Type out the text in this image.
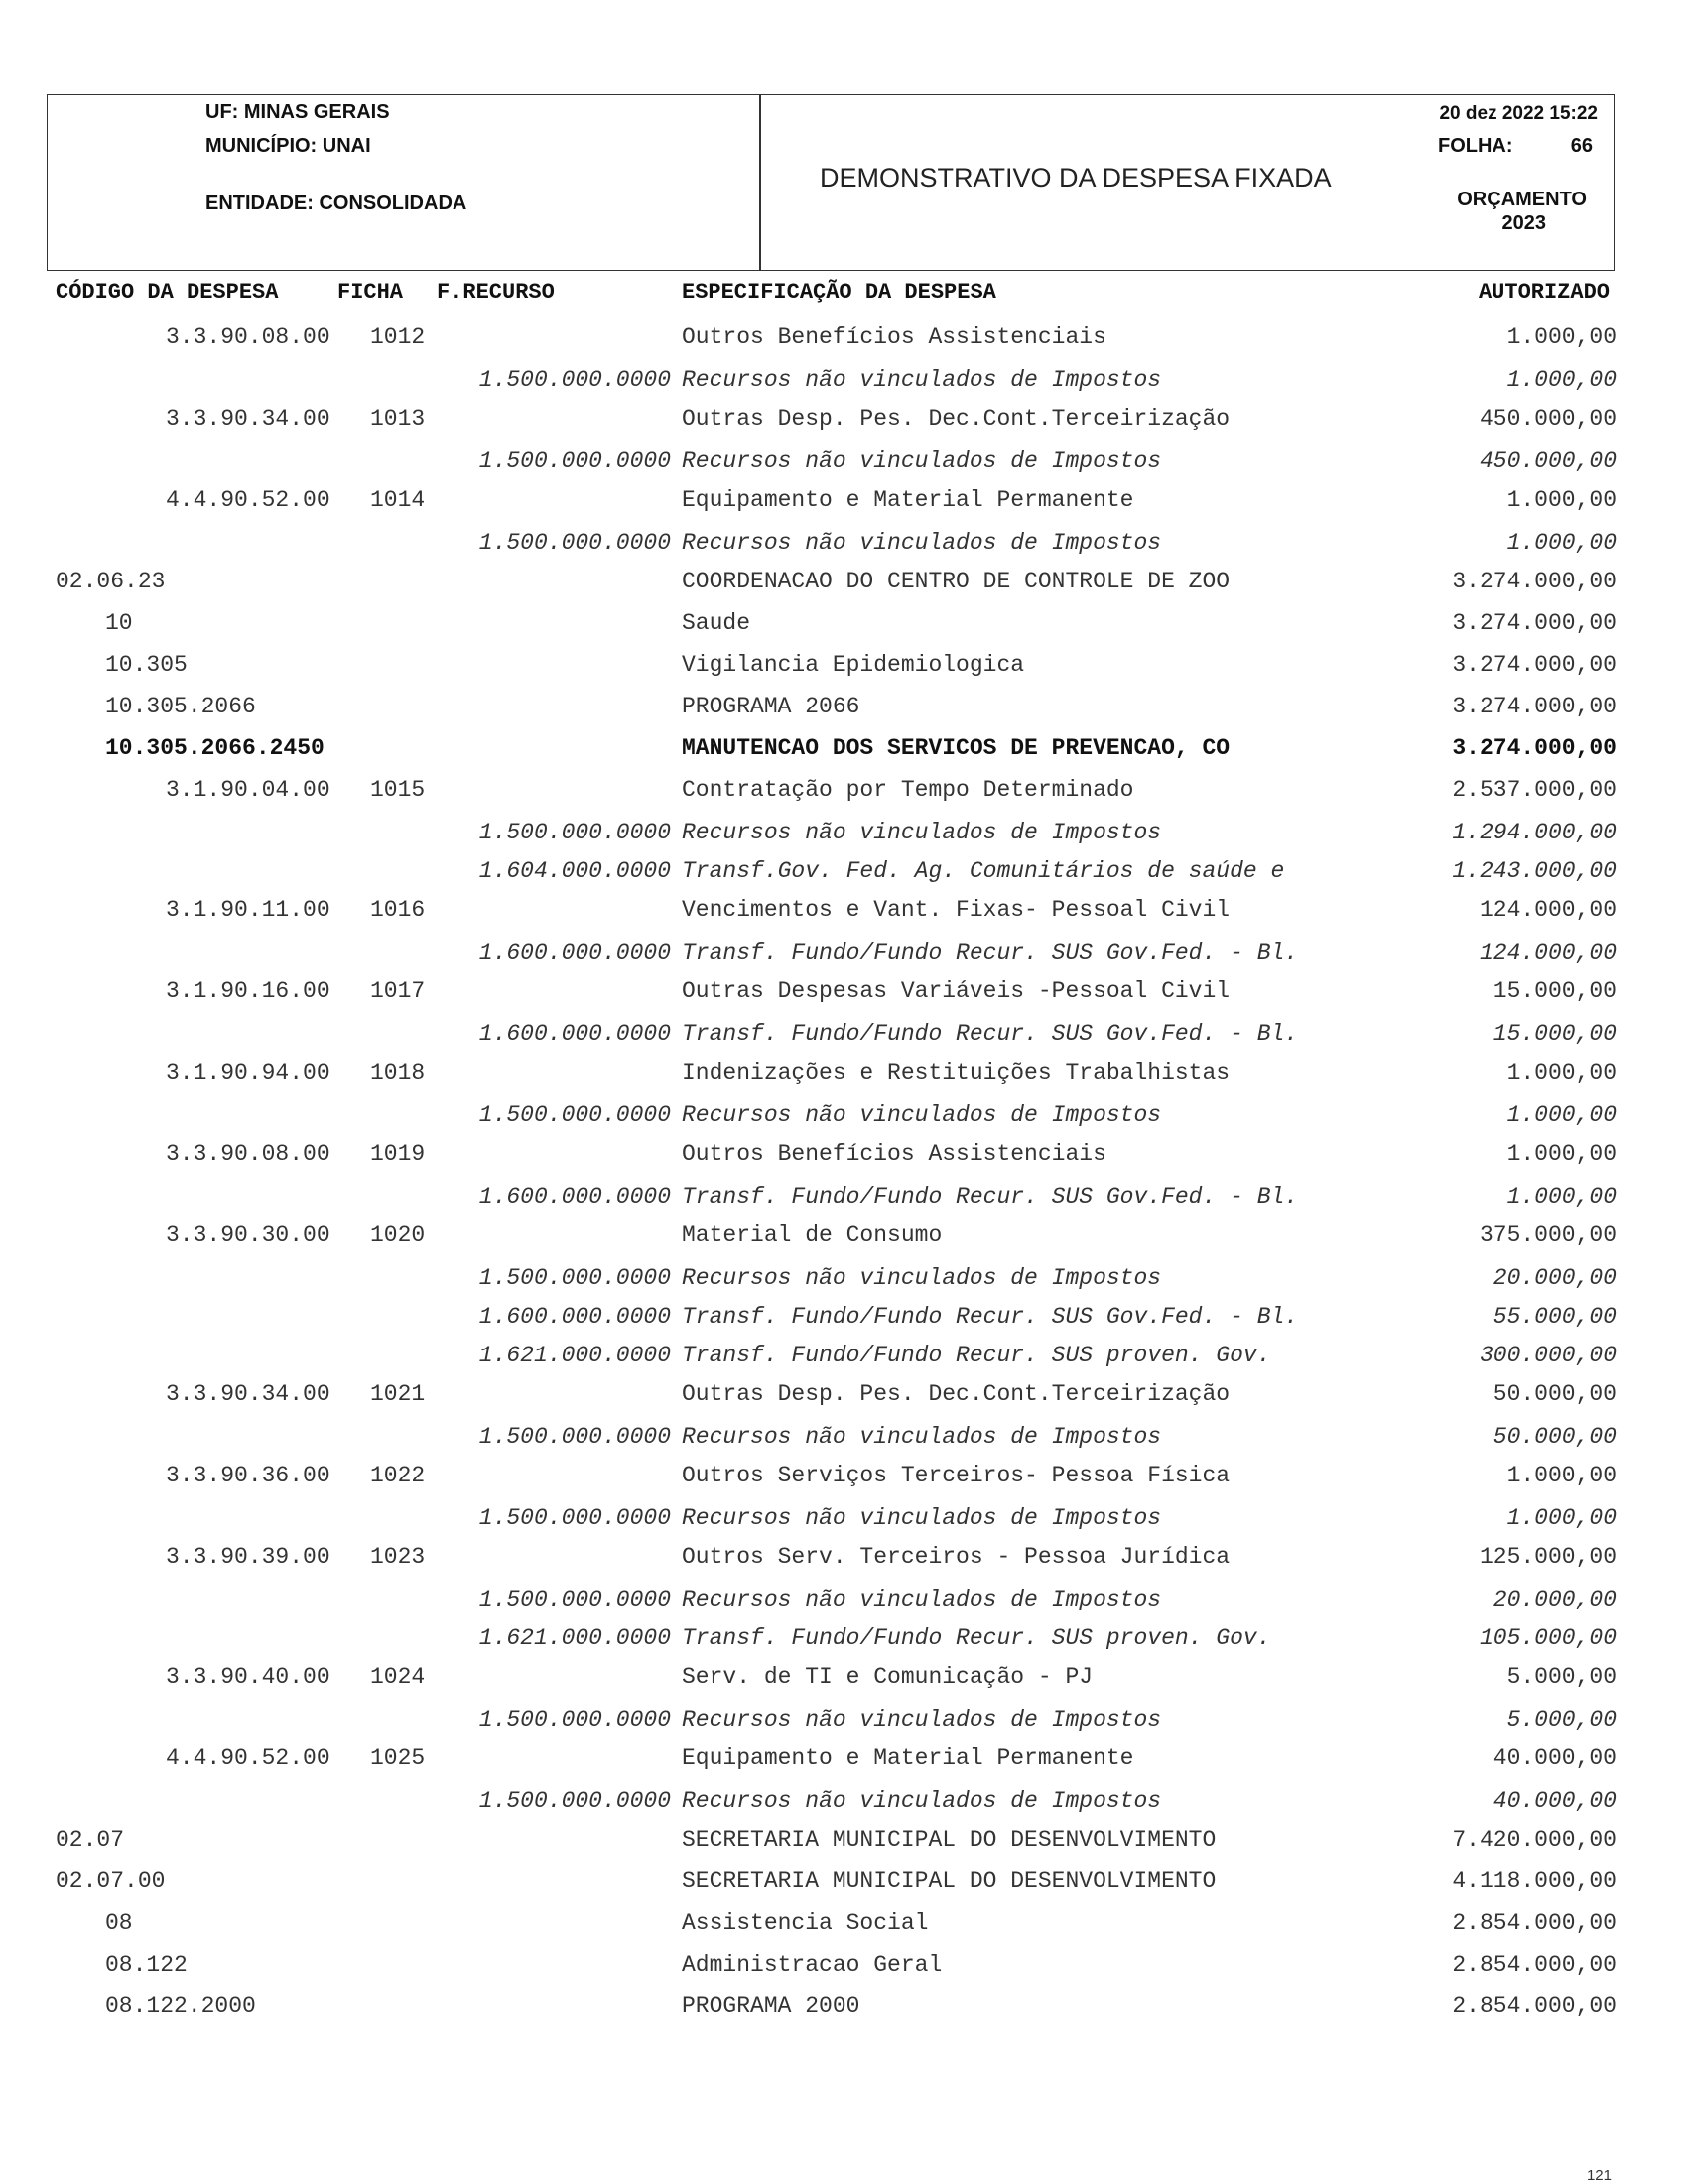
UF: MINAS GERAIS
MUNICÍPIO: UNAI
ENTIDADE: CONSOLIDADA
DEMONSTRATIVO DA DESPESA FIXADA
20 dez 2022 15:22
FOLHA:	66
ORÇAMENTO
2023
CÓDIGO DA DESPESA	FICHA F.RECURSO	ESPECIFICAÇÃO DA DESPESA	AUTORIZADO
3.3.90.08.00 1012	Outros Benefícios Assistenciais	1.000,00
1.500.000.0000 Recursos não vinculados de Impostos	1.000,00
3.3.90.34.00 1013	Outras Desp. Pes. Dec.Cont.Terceirização	450.000,00
1.500.000.0000 Recursos não vinculados de Impostos	450.000,00
4.4.90.52.00 1014	Equipamento e Material Permanente	1.000,00
1.500.000.0000 Recursos não vinculados de Impostos	1.000,00
02.06.23	COORDENACAO DO CENTRO DE CONTROLE DE ZOO	3.274.000,00
10	Saude	3.274.000,00
10.305	Vigilancia Epidemiologica	3.274.000,00
10.305.2066	PROGRAMA 2066	3.274.000,00
10.305.2066.2450	MANUTENCAO DOS SERVICOS DE PREVENCAO, CO	3.274.000,00
3.1.90.04.00 1015	Contratação por Tempo Determinado	2.537.000,00
1.500.000.0000 Recursos não vinculados de Impostos	1.294.000,00
1.604.000.0000 Transf.Gov. Fed. Ag. Comunitários de saúde e	1.243.000,00
3.1.90.11.00 1016	Vencimentos e Vant. Fixas- Pessoal Civil	124.000,00
1.600.000.0000 Transf. Fundo/Fundo Recur. SUS Gov.Fed. - Bl.	124.000,00
3.1.90.16.00 1017	Outras Despesas Variáveis -Pessoal Civil	15.000,00
1.600.000.0000 Transf. Fundo/Fundo Recur. SUS Gov.Fed. - Bl.	15.000,00
3.1.90.94.00 1018	Indenizações e Restituições Trabalhistas	1.000,00
1.500.000.0000 Recursos não vinculados de Impostos	1.000,00
3.3.90.08.00 1019	Outros Benefícios Assistenciais	1.000,00
1.600.000.0000 Transf. Fundo/Fundo Recur. SUS Gov.Fed. - Bl.	1.000,00
3.3.90.30.00 1020	Material de Consumo	375.000,00
1.500.000.0000 Recursos não vinculados de Impostos	20.000,00
1.600.000.0000 Transf. Fundo/Fundo Recur. SUS Gov.Fed. - Bl.	55.000,00
1.621.000.0000 Transf. Fundo/Fundo Recur. SUS proven. Gov.	300.000,00
3.3.90.34.00 1021	Outras Desp. Pes. Dec.Cont.Terceirização	50.000,00
1.500.000.0000 Recursos não vinculados de Impostos	50.000,00
3.3.90.36.00 1022	Outros Serviços Terceiros- Pessoa Física	1.000,00
1.500.000.0000 Recursos não vinculados de Impostos	1.000,00
3.3.90.39.00 1023	Outros Serv. Terceiros - Pessoa Jurídica	125.000,00
1.500.000.0000 Recursos não vinculados de Impostos	20.000,00
1.621.000.0000 Transf. Fundo/Fundo Recur. SUS proven. Gov.	105.000,00
3.3.90.40.00 1024	Serv. de TI e Comunicação - PJ	5.000,00
1.500.000.0000 Recursos não vinculados de Impostos	5.000,00
4.4.90.52.00 1025	Equipamento e Material Permanente	40.000,00
1.500.000.0000 Recursos não vinculados de Impostos	40.000,00
02.07	SECRETARIA MUNICIPAL DO DESENVOLVIMENTO	7.420.000,00
02.07.00	SECRETARIA MUNICIPAL DO DESENVOLVIMENTO	4.118.000,00
08	Assistencia Social	2.854.000,00
08.122	Administracao Geral	2.854.000,00
08.122.2000	PROGRAMA 2000	2.854.000,00
121
